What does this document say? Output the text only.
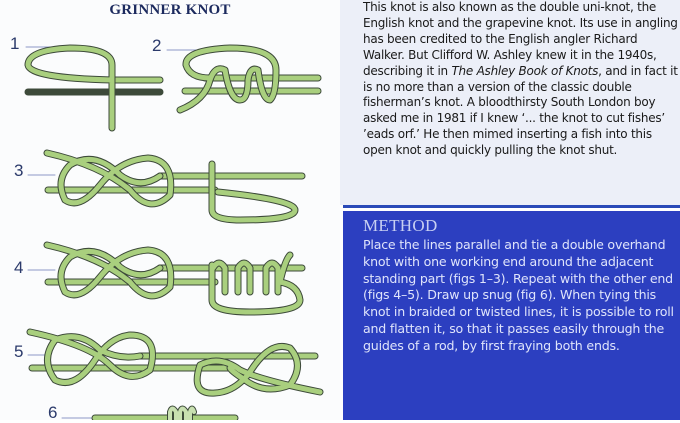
GRINNER KNOT
1	2
3
4
5
6

This knot is also known as the double uni-knot, the English knot and the grapevine knot. Its use in angling has been credited to the English angler Richard Walker. But Clifford W. Ashley knew it in the 1940s, describing it in The Ashley Book of Knots, and in fact it is no more than a version of the classic double fisherman’s knot. A bloodthirsty South London boy asked me in 1981 if I knew ‘... the knot to cut fishes’ ’eads orf.’ He then mimed inserting a fish into this open knot and quickly pulling the knot shut.

METHOD

Place the lines parallel and tie a double overhand knot with one working end around the adjacent standing part (figs 1–3). Repeat with the other end (figs 4–5). Draw up snug (fig 6). When tying this knot in braided or twisted lines, it is possible to roll and flatten it, so that it passes easily through the guides of a rod, by first fraying both ends.
